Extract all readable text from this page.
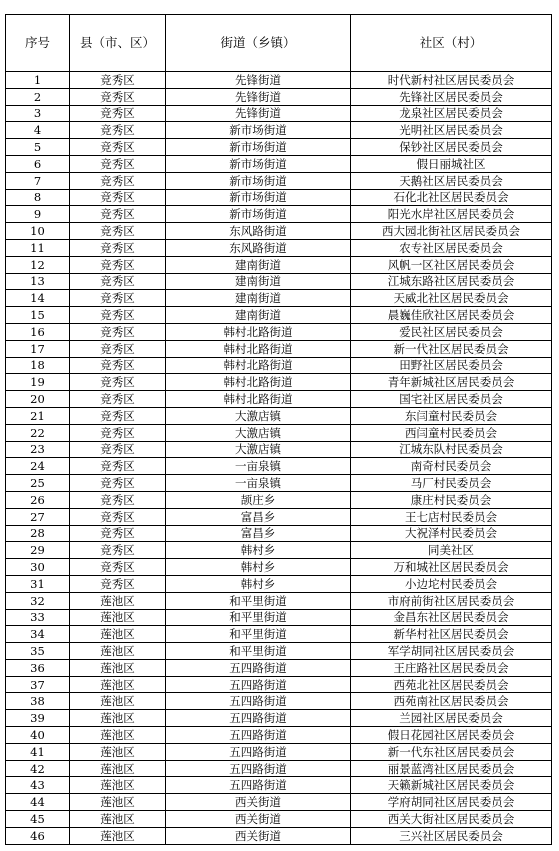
序号	县（市、区）	街道（乡镇）	社区（村）
1	竞秀区	先锋街道	时代新村社区居民委员会
2	竞秀区	先锋街道	先锋社区居民委员会
3	竞秀区	先锋街道	龙泉社区居民委员会
4	竞秀区	新市场街道	光明社区居民委员会
5	竞秀区	新市场街道	保钞社区居民委员会
6	竞秀区	新市场街道	假日丽城社区
7	竞秀区	新市场街道	天鹅社区居民委员会
8	竞秀区	新市场街道	石化北社区居民委员会
9	竞秀区	新市场街道	阳光水岸社区居民委员会
10	竞秀区	东风路街道	西大园北街社区居民委员会
11	竞秀区	东风路街道	农专社区居民委员会
12	竞秀区	建南街道	风帆一区社区居民委员会
13	竞秀区	建南街道	江城东路社区居民委员会
14	竞秀区	建南街道	天威北社区居民委员会
15	竞秀区	建南街道	晨巍佳欣社区居民委员会
16	竞秀区	韩村北路街道	爱民社区居民委员会
17	竞秀区	韩村北路街道	新一代社区居民委员会
18	竞秀区	韩村北路街道	田野社区居民委员会
19	竞秀区	韩村北路街道	青年新城社区居民委员会
20	竞秀区	韩村北路街道	国宅社区居民委员会
21	竞秀区	大激店镇	东闫童村民委员会
22	竞秀区	大激店镇	西闫童村民委员会
23	竞秀区	大激店镇	江城东队村民委员会
24	竞秀区	一亩泉镇	南奇村民委员会
25	竞秀区	一亩泉镇	马厂村民委员会
26	竞秀区	颉庄乡	康庄村民委员会
27	竞秀区	富昌乡	王七店村民委员会
28	竞秀区	富昌乡	大祝泽村民委员会
29	竞秀区	韩村乡	同美社区
30	竞秀区	韩村乡	万和城社区居民委员会
31	竞秀区	韩村乡	小边坨村民委员会
32	莲池区	和平里街道	市府前街社区居民委员会
33	莲池区	和平里街道	金昌东社区居民委员会
34	莲池区	和平里街道	新华村社区居民委员会
35	莲池区	和平里街道	军学胡同社区居民委员会
36	莲池区	五四路街道	王庄路社区居民委员会
37	莲池区	五四路街道	西苑北社区居民委员会
38	莲池区	五四路街道	西苑南社区居民委员会
39	莲池区	五四路街道	兰园社区居民委员会
40	莲池区	五四路街道	假日花园社区居民委员会
41	莲池区	五四路街道	新一代东社区居民委员会
42	莲池区	五四路街道	丽景蓝湾社区居民委员会
43	莲池区	五四路街道	天籁新城社区居民委员会
44	莲池区	西关街道	学府胡同社区居民委员会
45	莲池区	西关街道	西关大街社区居民委员会
46	莲池区	西关街道	三兴社区居民委员会
